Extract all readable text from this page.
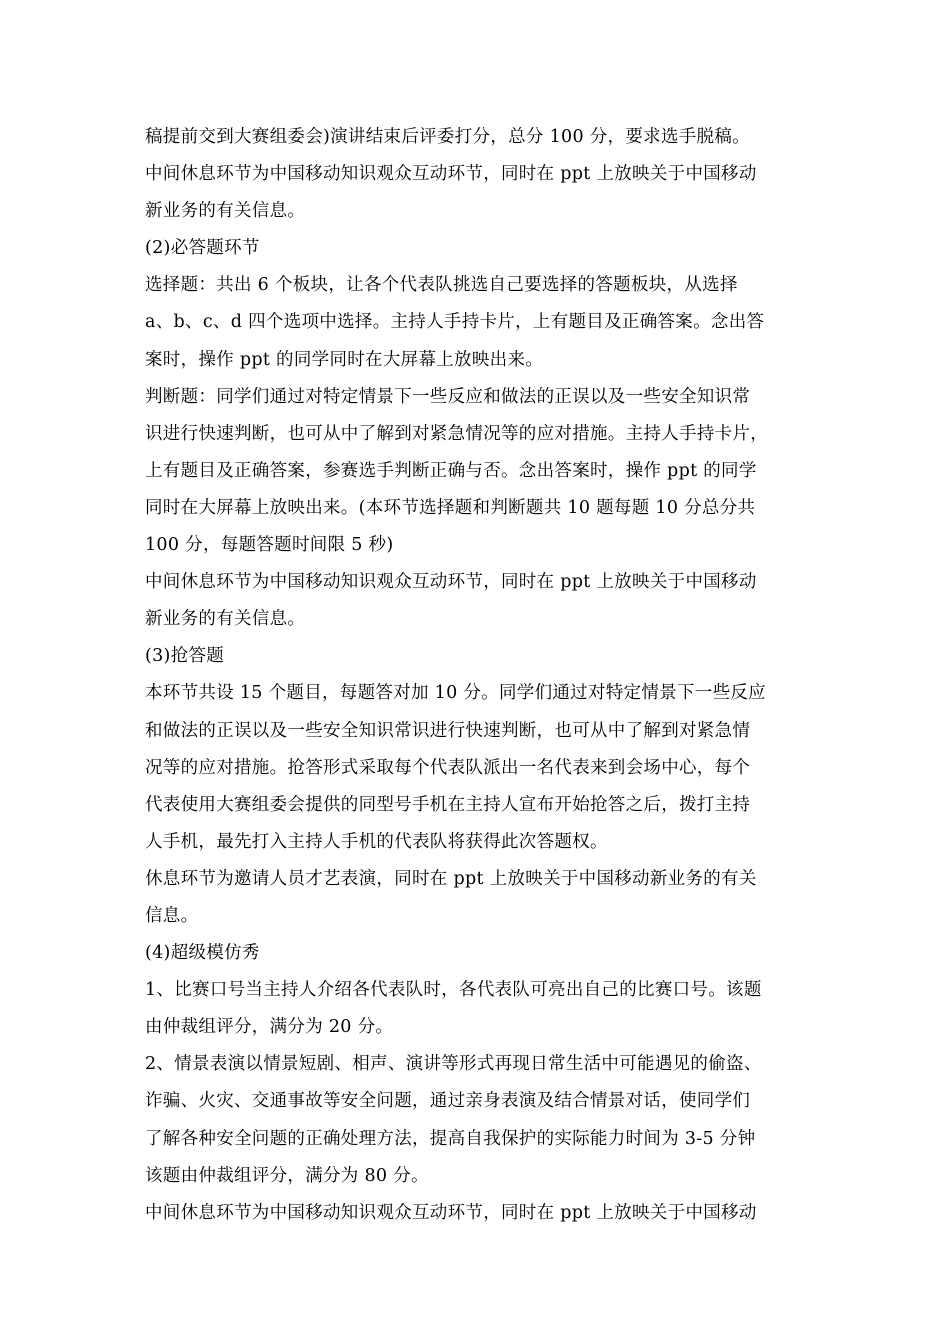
稿提前交到大赛组委会)演讲结束后评委打分，总分 100 分，要求选手脱稿。
中间休息环节为中国移动知识观众互动环节，同时在 ppt 上放映关于中国移动
新业务的有关信息。
(2)必答题环节
选择题：共出 6 个板块，让各个代表队挑选自己要选择的答题板块，从选择
a、b、c、d 四个选项中选择。主持人手持卡片，上有题目及正确答案。念出答
案时，操作 ppt 的同学同时在大屏幕上放映出来。
判断题：同学们通过对特定情景下一些反应和做法的正误以及一些安全知识常
识进行快速判断，也可从中了解到对紧急情况等的应对措施。主持人手持卡片，
上有题目及正确答案，参赛选手判断正确与否。念出答案时，操作 ppt 的同学
同时在大屏幕上放映出来。(本环节选择题和判断题共 10 题每题 10 分总分共
100 分，每题答题时间限 5 秒)
中间休息环节为中国移动知识观众互动环节，同时在 ppt 上放映关于中国移动
新业务的有关信息。
(3)抢答题
本环节共设 15 个题目，每题答对加 10 分。同学们通过对特定情景下一些反应
和做法的正误以及一些安全知识常识进行快速判断，也可从中了解到对紧急情
况等的应对措施。抢答形式采取每个代表队派出一名代表来到会场中心，每个
代表使用大赛组委会提供的同型号手机在主持人宣布开始抢答之后，拨打主持
人手机，最先打入主持人手机的代表队将获得此次答题权。
休息环节为邀请人员才艺表演，同时在 ppt 上放映关于中国移动新业务的有关
信息。
(4)超级模仿秀
1、比赛口号当主持人介绍各代表队时，各代表队可亮出自己的比赛口号。该题
由仲裁组评分，满分为 20 分。
2、情景表演以情景短剧、相声、演讲等形式再现日常生活中可能遇见的偷盗、
诈骗、火灾、交通事故等安全问题，通过亲身表演及结合情景对话，使同学们
了解各种安全问题的正确处理方法，提高自我保护的实际能力时间为 3-5 分钟
该题由仲裁组评分，满分为 80 分。
中间休息环节为中国移动知识观众互动环节，同时在 ppt 上放映关于中国移动
